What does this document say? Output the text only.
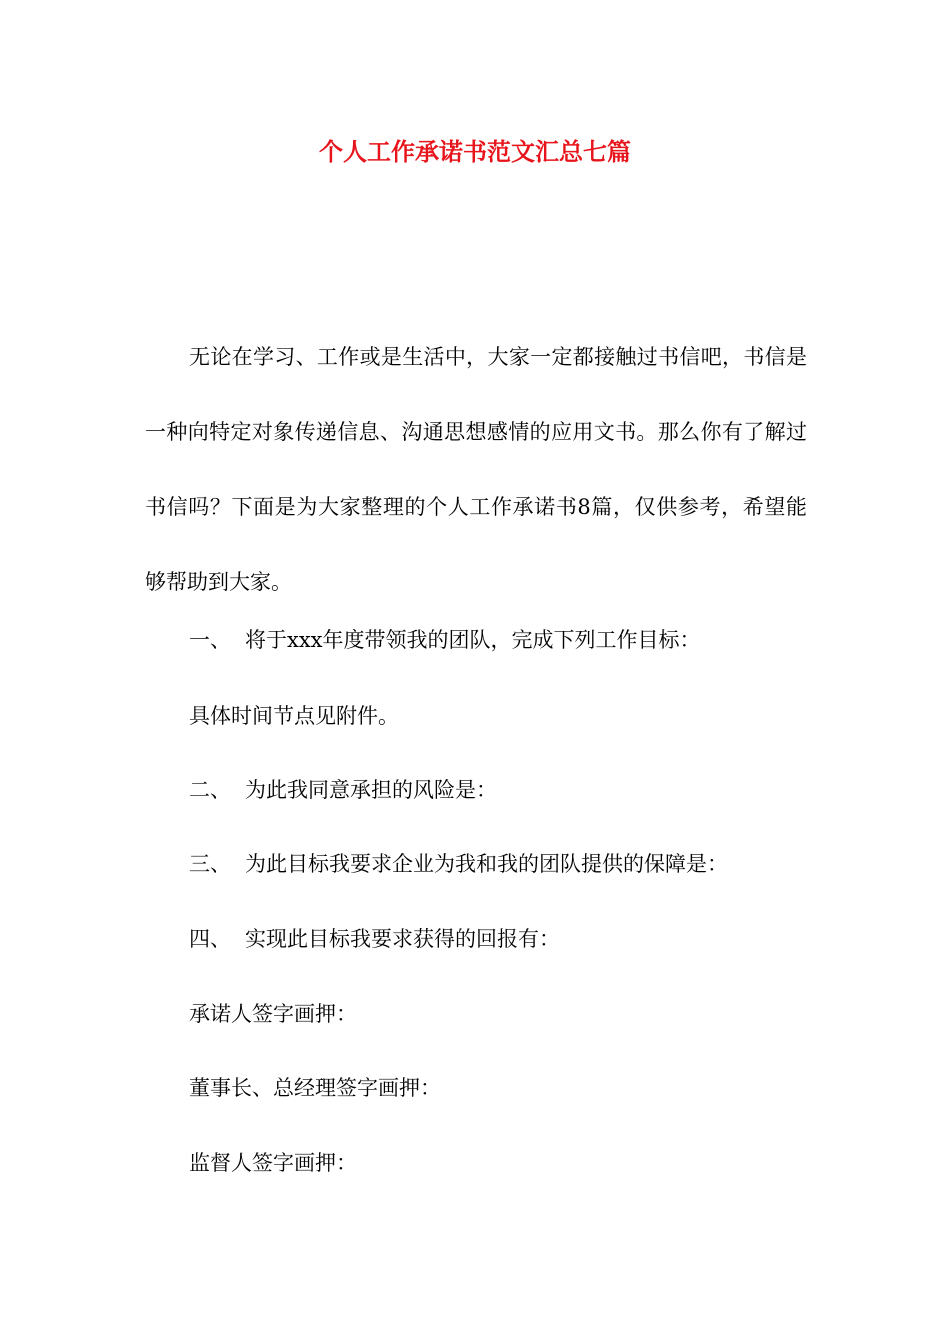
个人工作承诺书范文汇总七篇

无论在学习、工作或是生活中，大家一定都接触过书信吧，书信是一种向特定对象传递信息、沟通思想感情的应用文书。那么你有了解过书信吗？下面是为大家整理的个人工作承诺书8篇，仅供参考，希望能够帮助到大家。

一、 将于xxx年度带领我的团队，完成下列工作目标：

具体时间节点见附件。

二、 为此我同意承担的风险是：

三、 为此目标我要求企业为我和我的团队提供的保障是：

四、 实现此目标我要求获得的回报有：

承诺人签字画押：

董事长、总经理签字画押：

监督人签字画押：
